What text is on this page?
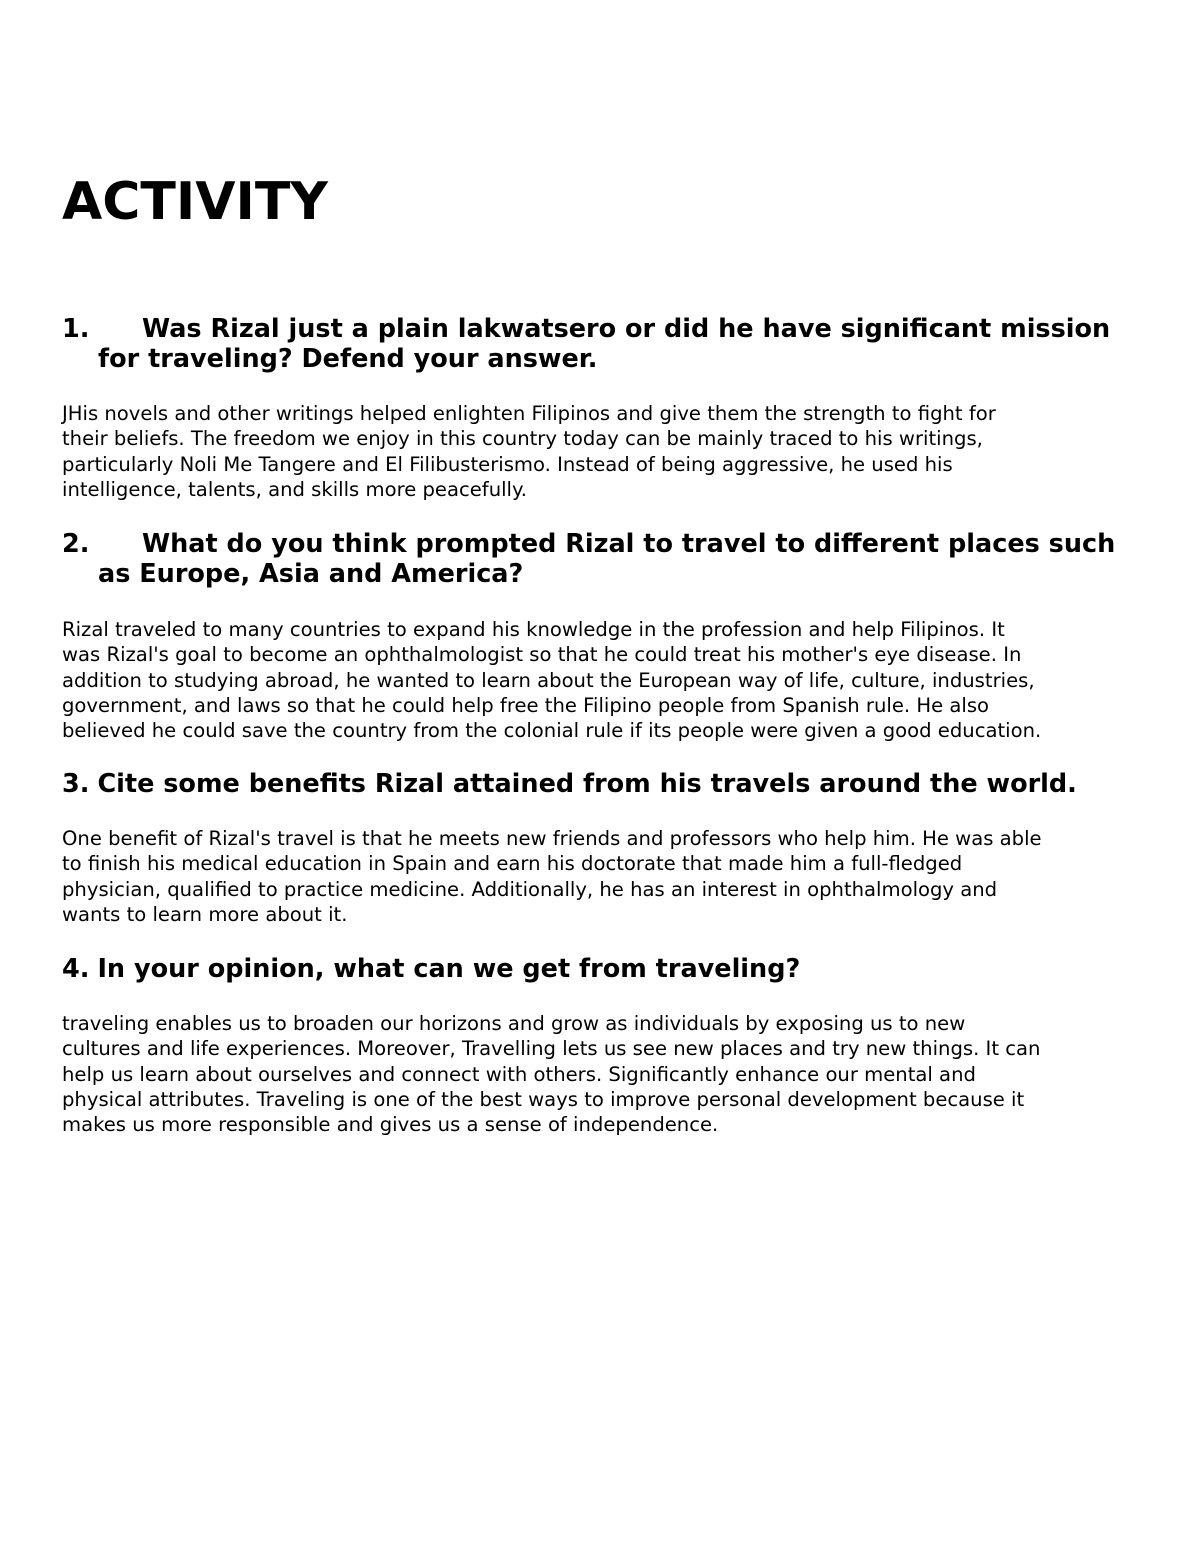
ACTIVITY
1. Was Rizal just a plain lakwatsero or did he have significant mission
for traveling? Defend your answer.

JHis novels and other writings helped enlighten Filipinos and give them the strength to fight for
their beliefs. The freedom we enjoy in this country today can be mainly traced to his writings,
particularly Noli Me Tangere and El Filibusterismo. Instead of being aggressive, he used his
intelligence, talents, and skills more peacefully.

2. What do you think prompted Rizal to travel to different places such
as Europe, Asia and America?

Rizal traveled to many countries to expand his knowledge in the profession and help Filipinos. It
was Rizal's goal to become an ophthalmologist so that he could treat his mother's eye disease. In
addition to studying abroad, he wanted to learn about the European way of life, culture, industries,
government, and laws so that he could help free the Filipino people from Spanish rule. He also
believed he could save the country from the colonial rule if its people were given a good education.

3. Cite some benefits Rizal attained from his travels around the world.

One benefit of Rizal's travel is that he meets new friends and professors who help him. He was able
to finish his medical education in Spain and earn his doctorate that made him a full-fledged
physician, qualified to practice medicine. Additionally, he has an interest in ophthalmology and
wants to learn more about it.

4. In your opinion, what can we get from traveling?

traveling enables us to broaden our horizons and grow as individuals by exposing us to new
cultures and life experiences. Moreover, Travelling lets us see new places and try new things. It can
help us learn about ourselves and connect with others. Significantly enhance our mental and
physical attributes. Traveling is one of the best ways to improve personal development because it
makes us more responsible and gives us a sense of independence.
